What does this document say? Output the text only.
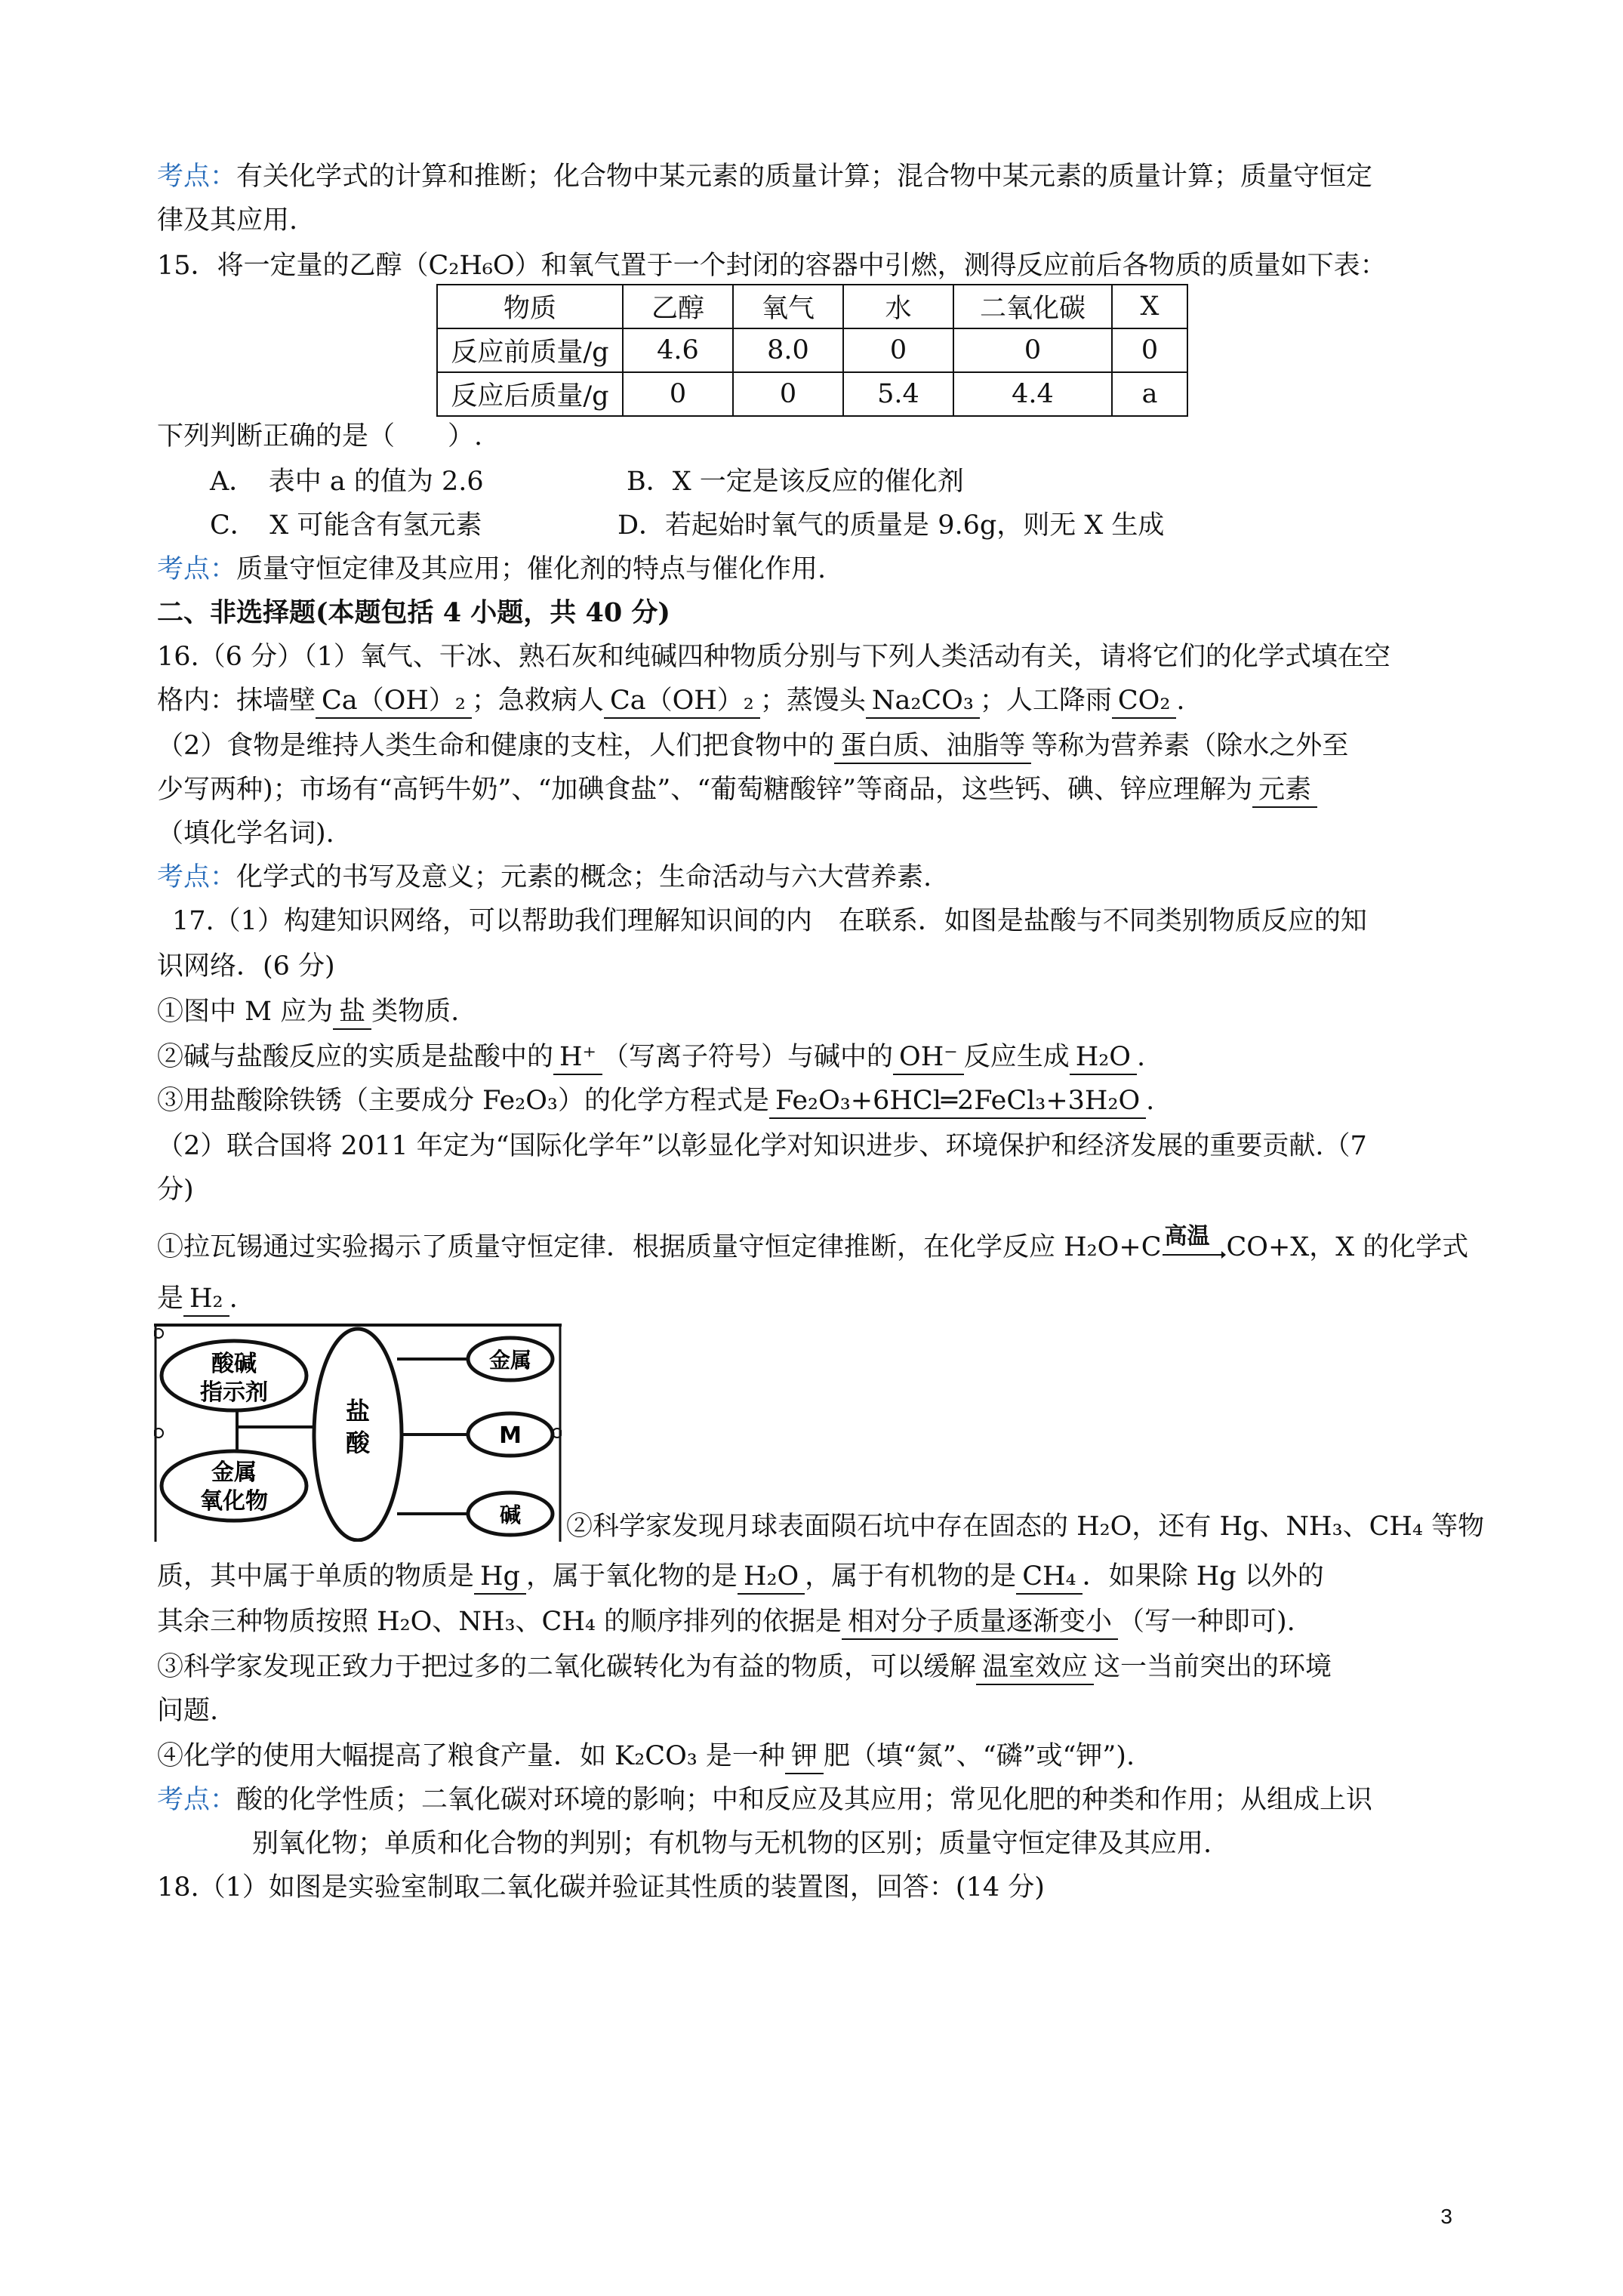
考点：有关化学式的计算和推断；化合物中某元素的质量计算；混合物中某元素的质量计算；质量守恒定
律及其应用.
15．将一定量的乙醇（C₂H₆O）和氧气置于一个封闭的容器中引燃，测得反应前后各物质的质量如下表：
物质	乙醇	氧气	水	二氧化碳	X
反应前质量/g	4.6	8.0	0	0	0
反应后质量/g	0	0	5.4	4.4	a
下列判断正确的是（　　）.
A．　表中 a 的值为 2.6	B．X 一定是该反应的催化剂
C．　X 可能含有氢元素	D．若起始时氧气的质量是 9.6g，则无 X 生成
考点：质量守恒定律及其应用；催化剂的特点与催化作用.
二、非选择题(本题包括 4 小题，共 40 分)
16.（6 分）（1）氧气、干冰、熟石灰和纯碱四种物质分别与下列人类活动有关，请将它们的化学式填在空
格内：抹墙壁 Ca（OH）₂ ；急救病人 Ca（OH）₂ ；蒸馒头 Na₂CO₃ ；人工降雨 CO₂ .
（2）食物是维持人类生命和健康的支柱，人们把食物中的 蛋白质、油脂等 等称为营养素（除水之外至
少写两种)；市场有“高钙牛奶”、“加碘食盐”、“葡萄糖酸锌”等商品，这些钙、碘、锌应理解为 元素
（填化学名词).
考点：化学式的书写及意义；元素的概念；生命活动与六大营养素.
17.（1）构建知识网络，可以帮助我们理解知识间的内　在联系．如图是盐酸与不同类别物质反应的知
识网络．(6 分)
①图中 M 应为 盐 类物质.
②碱与盐酸反应的实质是盐酸中的 H⁺ （写离子符号）与碱中的 OH⁻ 反应生成 H₂O .
③用盐酸除铁锈（主要成分 Fe₂O₃）的化学方程式是 Fe₂O₃+6HCl═2FeCl₃+3H₂O .
（2）联合国将 2011 年定为“国际化学年”以彰显化学对知识进步、环境保护和经济发展的重要贡献.（7
分)
①拉瓦锡通过实验揭示了质量守恒定律．根据质量守恒定律推断，在化学反应 H₂O+C 高温 CO+X，X 的化学式
是 H₂ .
盐
酸
酸碱
指示剂
金属
氧化物
金属
M
碱 ②科学家发现月球表面陨石坑中存在固态的 H₂O，还有 Hg、NH₃、CH₄ 等物
质，其中属于单质的物质是 Hg ，属于氧化物的是 H₂O ，属于有机物的是 CH₄ ．如果除 Hg 以外的
其余三种物质按照 H₂O、NH₃、CH₄ 的顺序排列的依据是 相对分子质量逐渐变小 （写一种即可).
③科学家发现正致力于把过多的二氧化碳转化为有益的物质，可以缓解 温室效应 这一当前突出的环境
问题.
④化学的使用大幅提高了粮食产量．如 K₂CO₃ 是一种 钾 肥（填“氮”、“磷”或“钾”).
考点：酸的化学性质；二氧化碳对环境的影响；中和反应及其应用；常见化肥的种类和作用；从组成上识
别氧化物；单质和化合物的判别；有机物与无机物的区别；质量守恒定律及其应用.
18.（1）如图是实验室制取二氧化碳并验证其性质的装置图，回答：(14 分)
3
